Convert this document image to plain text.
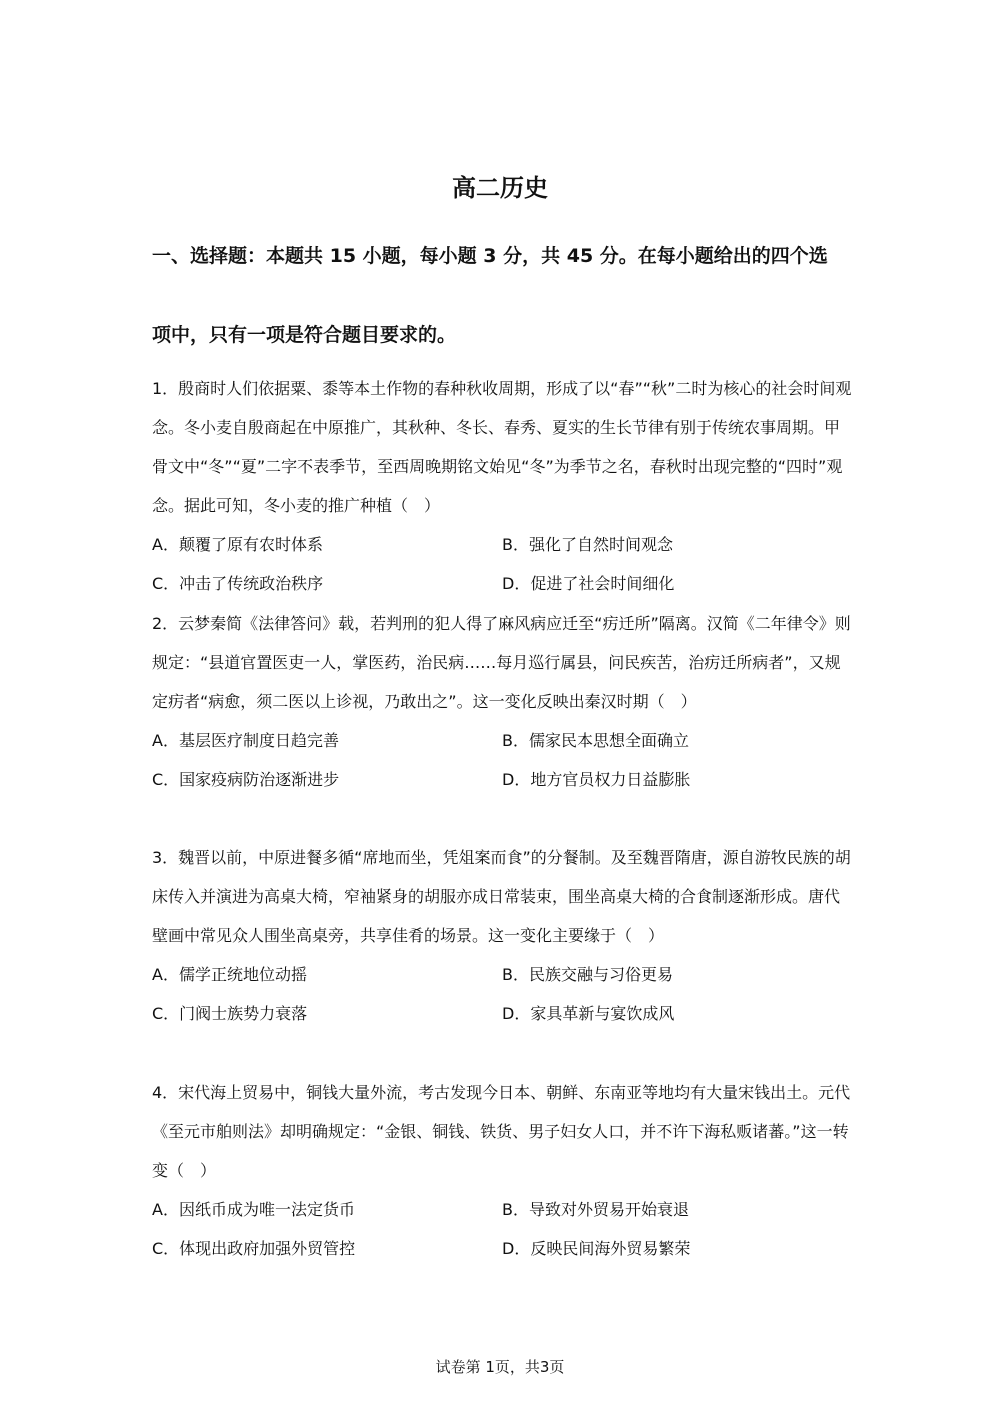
高二历史
一、选择题：本题共 15 小题，每小题 3 分，共 45 分。在每小题给出的四个选
项中，只有一项是符合题目要求的。

1．殷商时人们依据粟、黍等本土作物的春种秋收周期，形成了以“春”“秋”二时为核心的社会时间观念。冬小麦自殷商起在中原推广，其秋种、冬长、春秀、夏实的生长节律有别于传统农事周期。甲骨文中“冬”“夏”二字不表季节，至西周晚期铭文始见“冬”为季节之名，春秋时出现完整的“四时”观念。据此可知，冬小麦的推广种植（　）

A．颠覆了原有农时体系	B．强化了自然时间观念
C．冲击了传统政治秩序	D．促进了社会时间细化

2．云梦秦简《法律答问》载，若判刑的犯人得了麻风病应迁至“疠迁所”隔离。汉简《二年律令》则规定：“县道官置医吏一人，掌医药，治民病……每月巡行属县，问民疾苦，治疠迁所病者”，又规定疠者“病愈，须二医以上诊视，乃敢出之”。这一变化反映出秦汉时期（　）

A．基层医疗制度日趋完善	B．儒家民本思想全面确立
C．国家疫病防治逐渐进步	D．地方官员权力日益膨胀

3．魏晋以前，中原进餐多循“席地而坐，凭俎案而食”的分餐制。及至魏晋隋唐，源自游牧民族的胡床传入并演进为高桌大椅，窄袖紧身的胡服亦成日常装束，围坐高桌大椅的合食制逐渐形成。唐代壁画中常见众人围坐高桌旁，共享佳肴的场景。这一变化主要缘于（　）

A．儒学正统地位动摇	B．民族交融与习俗更易
C．门阀士族势力衰落	D．家具革新与宴饮成风

4．宋代海上贸易中，铜钱大量外流，考古发现今日本、朝鲜、东南亚等地均有大量宋钱出土。元代《至元市舶则法》却明确规定：“金银、铜钱、铁货、男子妇女人口，并不许下海私贩诸蕃。”这一转变（　）

A．因纸币成为唯一法定货币	B．导致对外贸易开始衰退
C．体现出政府加强外贸管控	D．反映民间海外贸易繁荣
试卷第 1页，共3页
